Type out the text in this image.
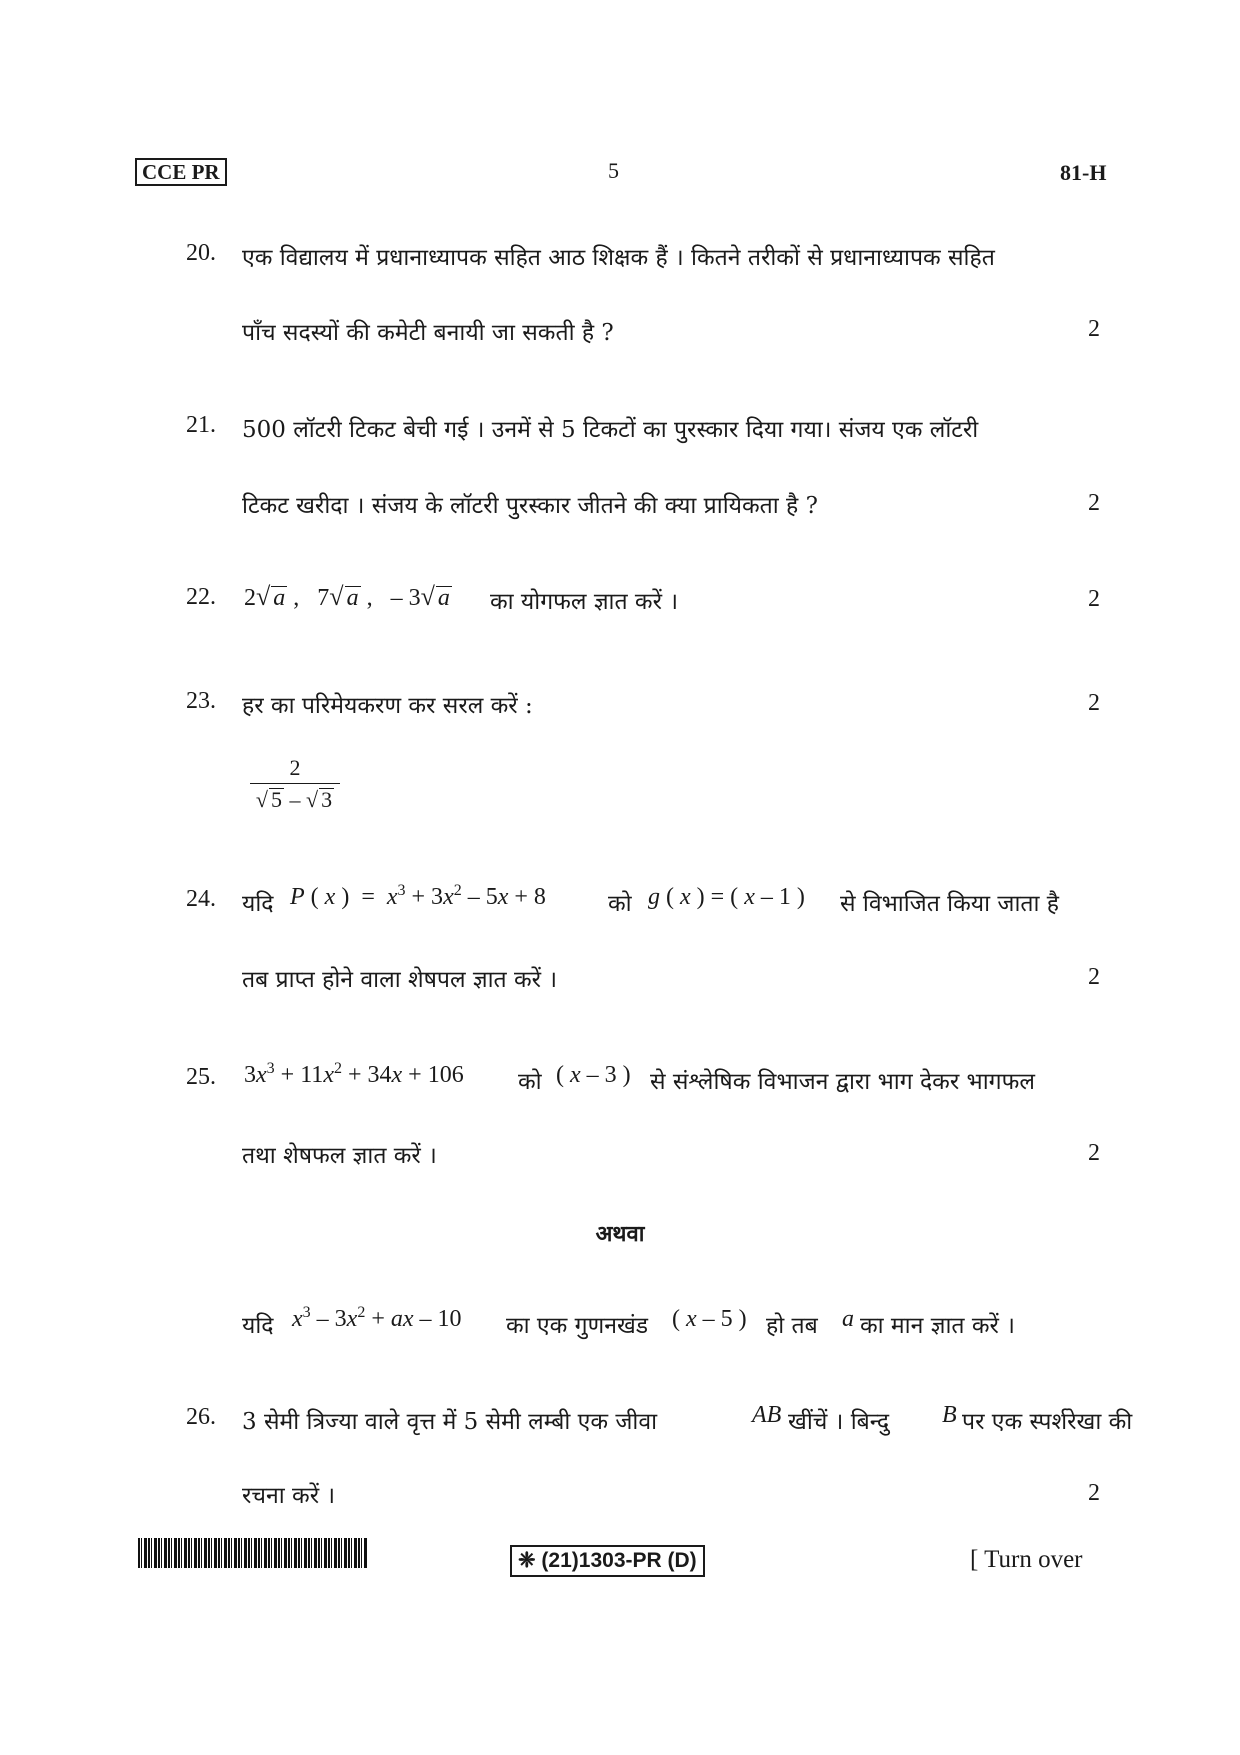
CCE PR	5	81-H
20. एक विद्यालय में प्रधानाध्यापक सहित आठ शिक्षक हैं । कितने तरीकों से प्रधानाध्यापक सहित
पाँच सदस्यों की कमेटी बनायी जा सकती है ?	2
21. 500 लॉटरी टिकट बेची गई । उनमें से 5 टिकटों का पुरस्कार दिया गया। संजय एक लॉटरी
टिकट खरीदा । संजय के लॉटरी पुरस्कार जीतने की क्या प्रायिकता है ?	2
22. 2√ a ,   7√ a ,   – 3√ a का योगफल ज्ञात करें ।	2
23. हर का परिमेयकरण कर सरल करें :	2
$\frac{2}{√ 5 - √ 3}$
24. यदि P ( x )  =  $x^3 + 3x^2 - 5x + 8$	को g ( x ) = ( x – 1 ) से विभाजित किया जाता है
तब प्राप्त होने वाला शेषपल ज्ञात करें ।	2
25. $3x^3 + 11x^2 + 34x + 106$ को ( x – 3 ) से संश्लेषिक विभाजन द्वारा भाग देकर भागफल
तथा शेषफल ज्ञात करें ।	2
अथवा
यदि $x^3 - 3x^2$ + ax – 10 का एक गुणनखंड ( x – 5 ) हो तब a का मान ज्ञात करें ।
26. 3 सेमी त्रिज्या वाले वृत्त में 5 सेमी लम्बी एक जीवा	AB खींचें । बिन्दु B पर एक स्पर्शरेखा की
रचना करें ।	2
❈ (21)1303-PR (D)	[ Turn over
